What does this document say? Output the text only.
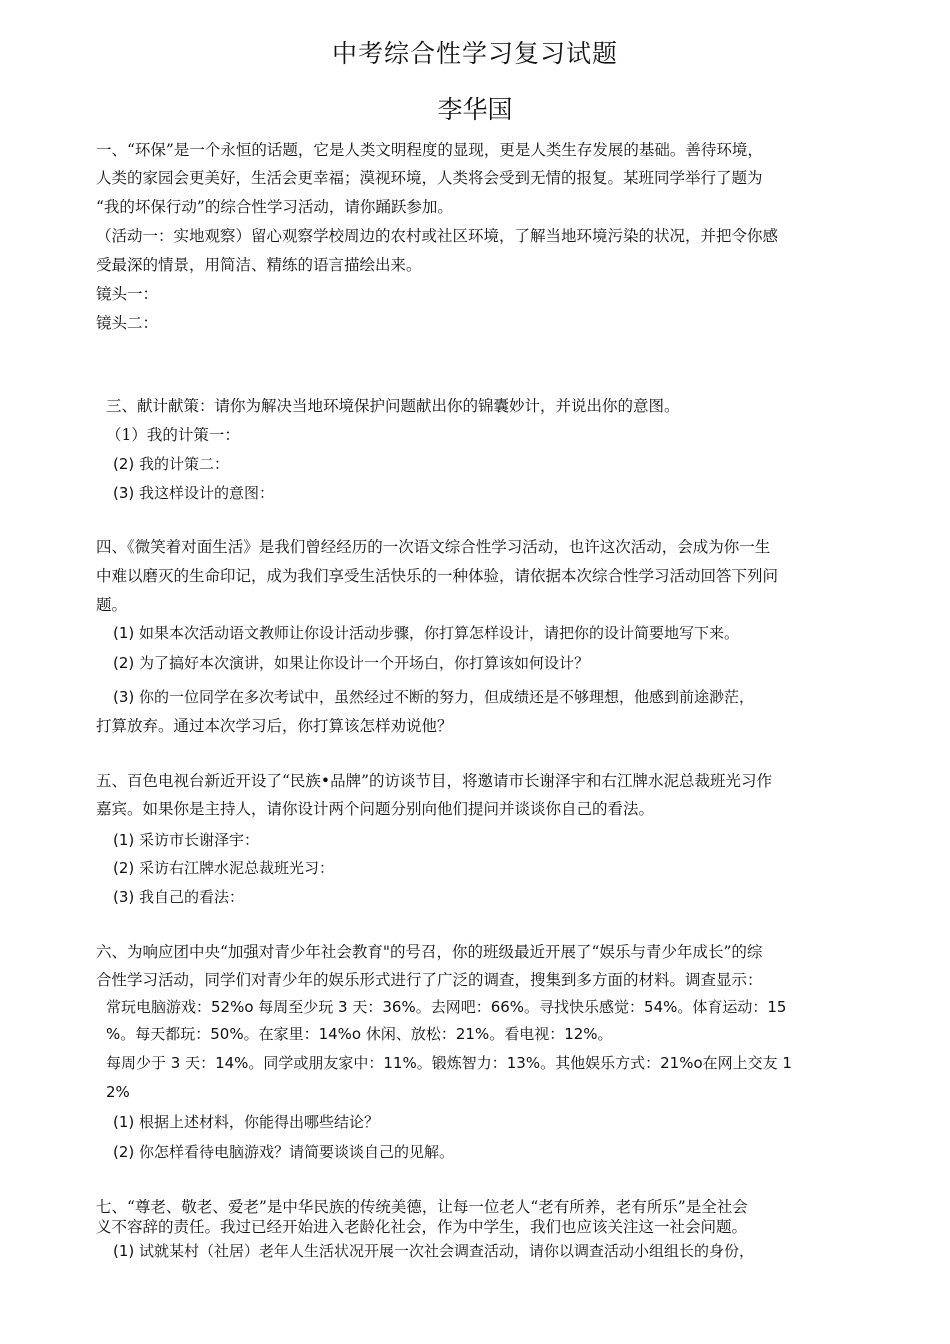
中考综合性学习复习试题
李华国
一、“环保”是一个永恒的话题，它是人类文明程度的显现，更是人类生存发展的基础。善待环境，
人类的家园会更美好，生活会更幸福；漠视环境，人类将会受到无情的报复。某班同学举行了题为
“我的坏保行动”的综合性学习活动，请你踊跃参加。
（活动一：实地观察）留心观察学校周边的农村或社区环境，了解当地环境污染的状况，并把令你感
受最深的情景，用简洁、精练的语言描绘出来。
镜头一：
镜头二：
三、献计献策：请你为解决当地环境保护问题献出你的锦囊妙计，并说出你的意图。
（1）我的计策一：
(2) 我的计策二：
(3) 我这样设计的意图：
四、《微笑着对面生活》是我们曾经经历的一次语文综合性学习活动，也许这次活动，会成为你一生
中难以磨灭的生命印记，成为我们享受生活快乐的一种体验，请依据本次综合性学习活动回答下列问
题。
(1) 如果本次活动语文教师让你设计活动步骤，你打算怎样设计，请把你的设计简要地写下来。
(2) 为了搞好本次演讲，如果让你设计一个开场白，你打算该如何设计？
(3) 你的一位同学在多次考试中，虽然经过不断的努力，但成绩还是不够理想，他感到前途渺茫，
打算放弃。通过本次学习后，你打算该怎样劝说他？
五、百色电视台新近开设了“民族•品牌”的访谈节目，将邀请市长谢泽宇和右江牌水泥总裁班光习作
嘉宾。如果你是主持人，请你设计两个问题分别向他们提问并谈谈你自己的看法。
(1) 采访市长谢泽宇：
(2) 采访右江牌水泥总裁班光习：
(3) 我自己的看法：
六、为响应团中央“加强对青少年社会教育"的号召，你的班级最近开展了“娱乐与青少年成长”的综
合性学习活动，同学们对青少年的娱乐形式进行了广泛的调查，搜集到多方面的材料。调查显示：
常玩电脑游戏：52%o 每周至少玩 3 天：36%。去网吧：66%。寻找快乐感觉：54%。体育运动：15
%。每天都玩：50%。在家里：14%o 休闲、放松：21%。看电视：12%。
每周少于 3 天：14%。同学或朋友家中：11%。锻炼智力：13%。其他娱乐方式：21%o在网上交友 1
2%
(1) 根据上述材料，你能得出哪些结论？
(2) 你怎样看待电脑游戏？请简要谈谈自己的见解。
七、“尊老、敬老、爱老”是中华民族的传统美德，让每一位老人“老有所养，老有所乐”是全社会
义不容辞的责任。我过已经开始进入老龄化社会，作为中学生，我们也应该关注这一社会问题。
(1) 试就某村（社居）老年人生活状况开展一次社会调查活动，请你以调查活动小组组长的身份，
